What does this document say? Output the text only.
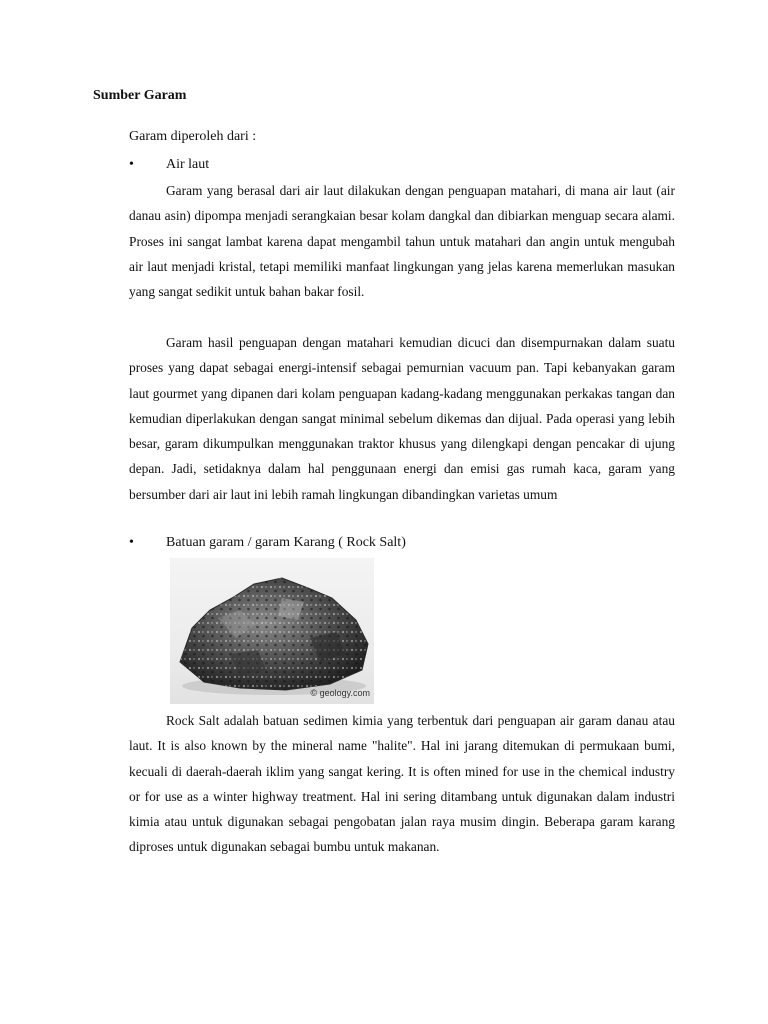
Sumber Garam

Garam diperoleh dari :

• Air laut

Garam yang berasal dari air laut dilakukan dengan penguapan matahari, di mana air laut (air danau asin) dipompa menjadi serangkaian besar kolam dangkal dan dibiarkan menguap secara alami. Proses ini sangat lambat karena dapat mengambil tahun untuk matahari dan angin untuk mengubah air laut menjadi kristal, tetapi memiliki manfaat lingkungan yang jelas karena memerlukan masukan yang sangat sedikit untuk bahan bakar fosil.

Garam hasil penguapan dengan matahari kemudian dicuci dan disempurnakan dalam suatu proses yang dapat sebagai energi-intensif sebagai pemurnian vacuum pan. Tapi kebanyakan garam laut gourmet yang dipanen dari kolam penguapan kadang-kadang menggunakan perkakas tangan dan kemudian diperlakukan dengan sangat minimal sebelum dikemas dan dijual. Pada operasi yang lebih besar, garam dikumpulkan menggunakan traktor khusus yang dilengkapi dengan pencakar di ujung depan. Jadi, setidaknya dalam hal penggunaan energi dan emisi gas rumah kaca, garam yang bersumber dari air laut ini lebih ramah lingkungan dibandingkan varietas umum

• Batuan garam / garam Karang ( Rock Salt)
© geology.com

Rock Salt adalah batuan sedimen kimia yang terbentuk dari penguapan air garam danau atau laut. It is also known by the mineral name "halite". Hal ini jarang ditemukan di permukaan bumi, kecuali di daerah-daerah iklim yang sangat kering. It is often mined for use in the chemical industry or for use as a winter highway treatment. Hal ini sering ditambang untuk digunakan dalam industri kimia atau untuk digunakan sebagai pengobatan jalan raya musim dingin. Beberapa garam karang diproses untuk digunakan sebagai bumbu untuk makanan.
